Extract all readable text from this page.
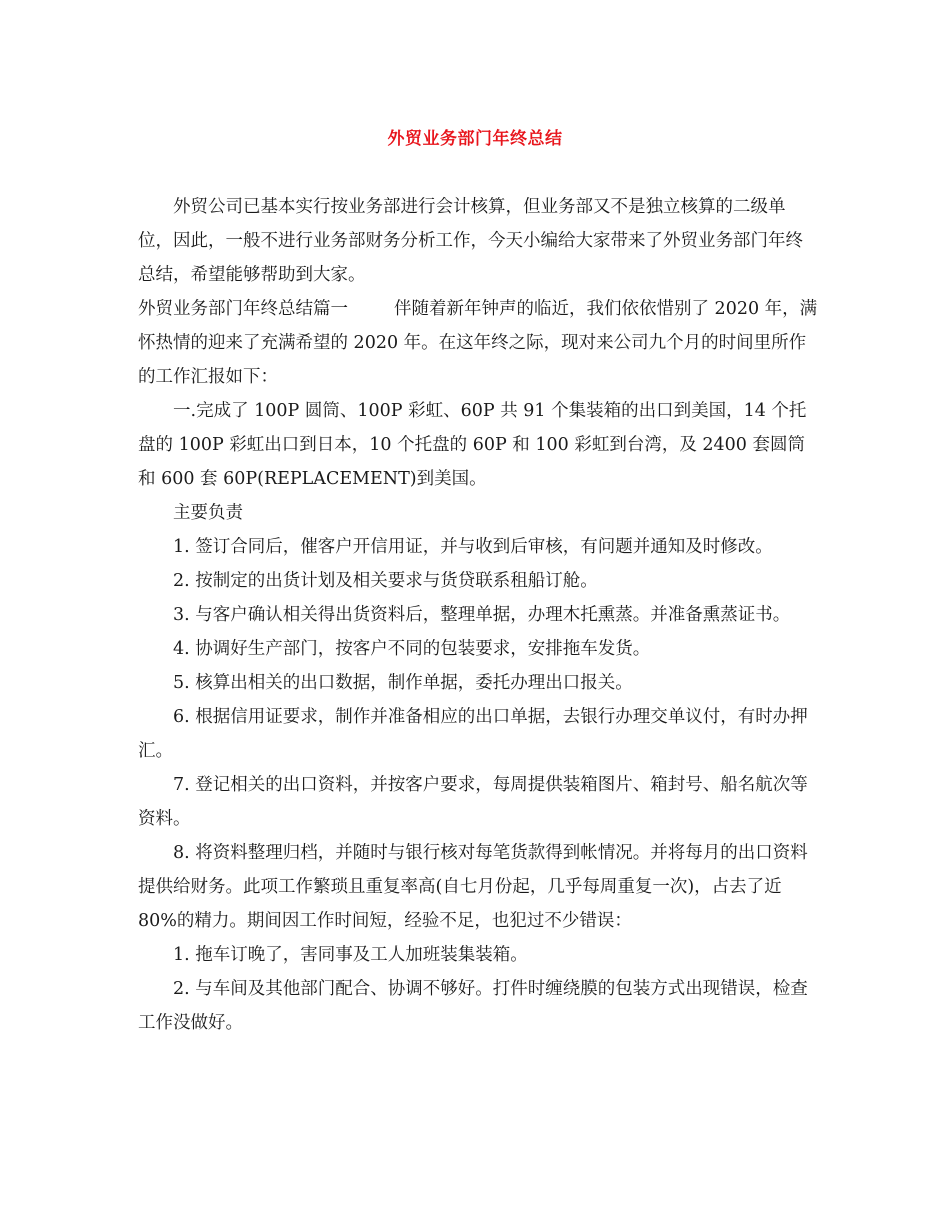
外贸业务部门年终总结

外贸公司已基本实行按业务部进行会计核算，但业务部又不是独立核算的二级单位，因此，一般不进行业务部财务分析工作，今天小编给大家带来了外贸业务部门年终总结，希望能够帮助到大家。

外贸业务部门年终总结篇一	伴随着新年钟声的临近，我们依依惜别了 2020 年，满怀热情的迎来了充满希望的 2020 年。在这年终之际，现对来公司九个月的时间里所作的工作汇报如下：

一.完成了 100P 圆筒、100P 彩虹、60P 共 91 个集装箱的出口到美国，14 个托盘的 100P 彩虹出口到日本，10 个托盘的 60P 和 100 彩虹到台湾，及 2400 套圆筒和 600 套 60P(REPLACEMENT)到美国。

主要负责

1. 签订合同后，催客户开信用证，并与收到后审核，有问题并通知及时修改。

2. 按制定的出货计划及相关要求与货贷联系租船订舱。

3. 与客户确认相关得出货资料后，整理单据，办理木托熏蒸。并准备熏蒸证书。

4. 协调好生产部门，按客户不同的包装要求，安排拖车发货。

5. 核算出相关的出口数据，制作单据，委托办理出口报关。

6. 根据信用证要求，制作并准备相应的出口单据，去银行办理交单议付，有时办押汇。

7. 登记相关的出口资料，并按客户要求，每周提供装箱图片、箱封号、船名航次等资料。

8. 将资料整理归档，并随时与银行核对每笔货款得到帐情况。并将每月的出口资料提供给财务。此项工作繁琐且重复率高(自七月份起，几乎每周重复一次)，占去了近 80%的精力。期间因工作时间短，经验不足，也犯过不少错误：

1. 拖车订晚了，害同事及工人加班装集装箱。

2. 与车间及其他部门配合、协调不够好。打件时缠绕膜的包装方式出现错误，检查工作没做好。
